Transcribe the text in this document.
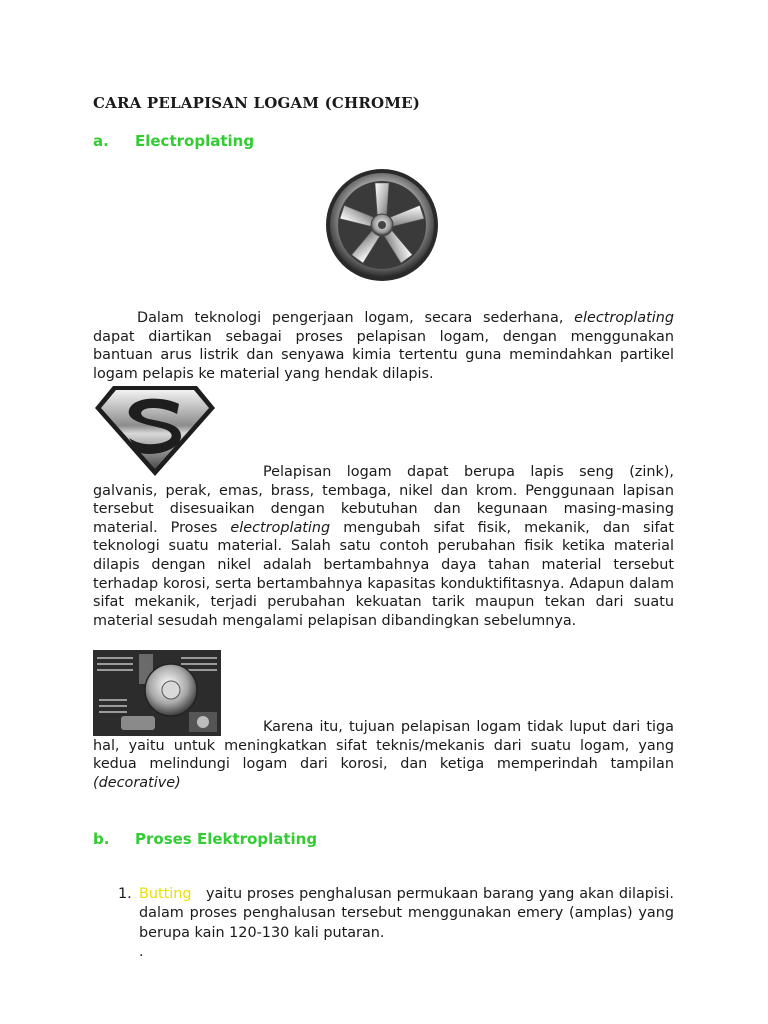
CARA PELAPISAN LOGAM (CHROME)
a. Electroplating

Dalam teknologi pengerjaan logam, secara sederhana, electroplating dapat diartikan sebagai proses pelapisan logam, dengan menggunakan bantuan arus listrik dan senyawa kimia tertentu guna memindahkan partikel logam pelapis ke material yang hendak dilapis.

Pelapisan logam dapat berupa lapis seng (zink), galvanis, perak, emas, brass, tembaga, nikel dan krom. Penggunaan lapisan tersebut disesuaikan dengan kebutuhan dan kegunaan masing-masing material. Proses electroplating mengubah sifat fisik, mekanik, dan sifat teknologi suatu material. Salah satu contoh perubahan fisik ketika material dilapis dengan nikel adalah bertambahnya daya tahan material tersebut terhadap korosi, serta bertambahnya kapasitas konduktifitasnya. Adapun dalam sifat mekanik, terjadi perubahan kekuatan tarik maupun tekan dari suatu material sesudah mengalami pelapisan dibandingkan sebelumnya.

Karena itu, tujuan pelapisan logam tidak luput dari tiga hal, yaitu untuk meningkatkan sifat teknis/mekanis dari suatu logam, yang kedua melindungi logam dari korosi, dan ketiga memperindah tampilan (decorative)

b. Proses Elektroplating
1. Butting   yaitu proses penghalusan permukaan barang yang akan dilapisi. dalam proses penghalusan tersebut menggunakan emery (amplas) yang berupa kain 120-130 kali putaran.
.
